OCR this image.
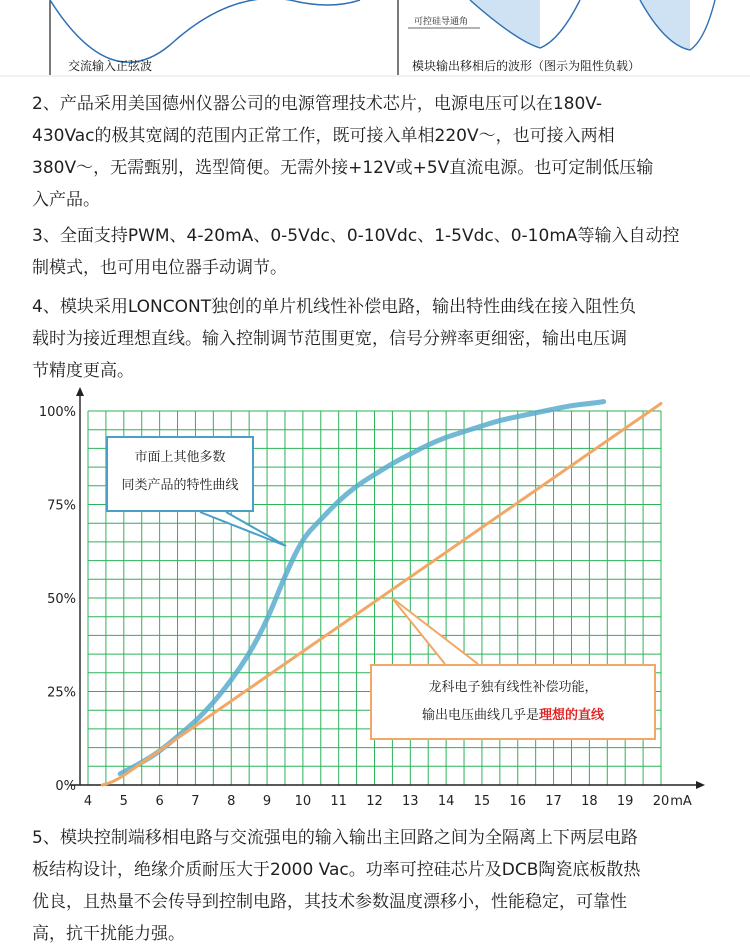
可控硅导通角
交流输入正弦波	模块输出移相后的波形（图示为阻性负载）
2、产品采用美国德州仪器公司的电源管理技术芯片，电源电压可以在180V-
430Vac的极其宽阔的范围内正常工作，既可接入单相220V～，也可接入两相
380V～，无需甄别，选型简便。无需外接+12V或+5V直流电源。也可定制低压输
入产品。
3、全面支持PWM、4-20mA、0-5Vdc、0-10Vdc、1-5Vdc、0-10mA等输入自动控
制模式，也可用电位器手动调节。
4、模块采用LONCONT独创的单片机线性补偿电路，输出特性曲线在接入阻性负
载时为接近理想直线。输入控制调节范围更宽，信号分辨率更细密，输出电压调
节精度更高。
4 5 6 7 8 9 10 11 12 13 14 15 16 17 18 19 20 mA
0%
25%
50%
75%
100%
市面上其他多数
同类产品的特性曲线
龙科电子独有线性补偿功能，
输出电压曲线几乎是理想的直线
5、模块控制端移相电路与交流强电的输入输出主回路之间为全隔离上下两层电路
板结构设计，绝缘介质耐压大于2000 Vac。功率可控硅芯片及DCB陶瓷底板散热
优良，且热量不会传导到控制电路，其技术参数温度漂移小，性能稳定，可靠性
高，抗干扰能力强。
